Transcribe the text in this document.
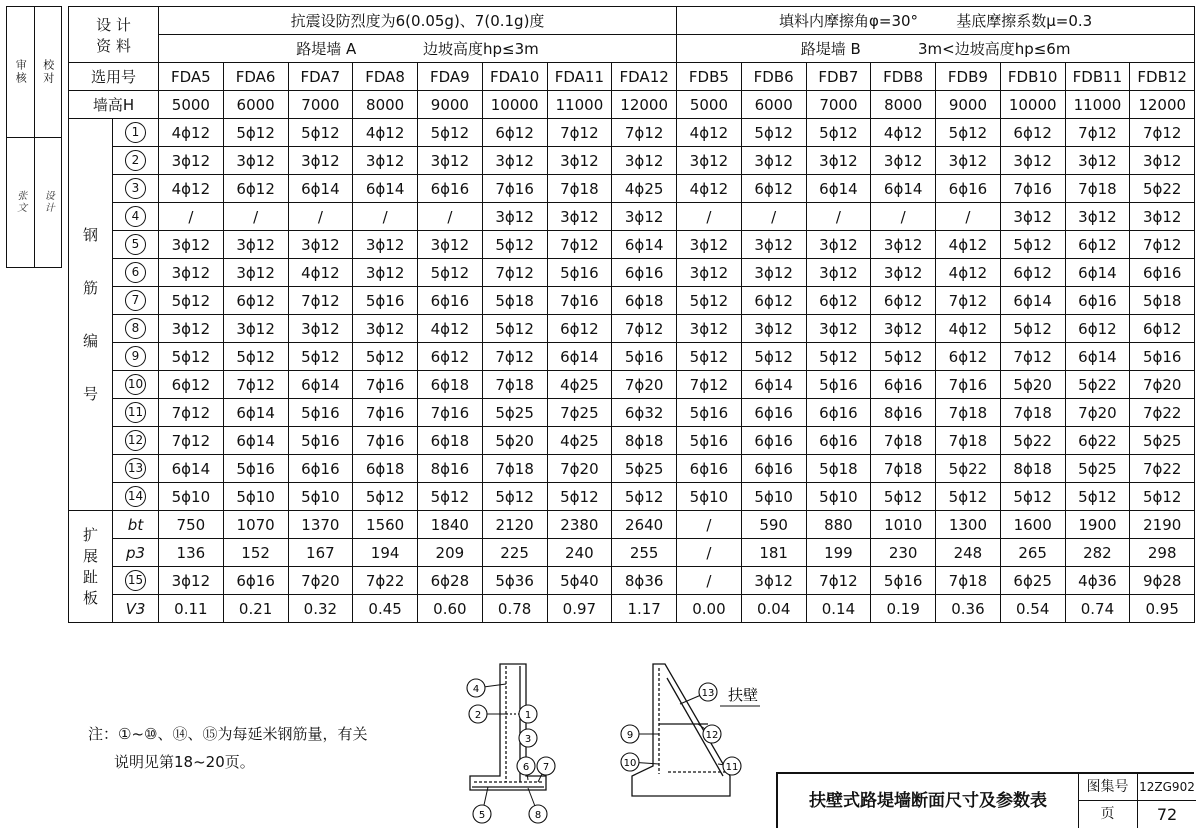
审核
张文
校对
设计
设 计
资 料		抗震设防烈度为6(0.05g)、7(0.1g)度								填料内摩擦角φ=30° 基底摩擦系数μ=0.3							
		路堤墙 A 边坡高度hp≤3m								路堤墙 B 3m<边坡高度hp≤6m							
选用号		FDA5	FDA6	FDA7	FDA8	FDA9	FDA10	FDA11	FDA12	FDB5	FDB6	FDB7	FDB8	FDB9	FDB10	FDB11	FDB12
墙高H		5000	6000	7000	8000	9000	10000	11000	12000	5000	6000	7000	8000	9000	10000	11000	12000

钢
筋
编
号	1	4ϕ12	5ϕ12	5ϕ12	4ϕ12	5ϕ12	6ϕ12	7ϕ12	7ϕ12	4ϕ12	5ϕ12	5ϕ12	4ϕ12	5ϕ12	6ϕ12	7ϕ12	7ϕ12
	2	3ϕ12	3ϕ12	3ϕ12	3ϕ12	3ϕ12	3ϕ12	3ϕ12	3ϕ12	3ϕ12	3ϕ12	3ϕ12	3ϕ12	3ϕ12	3ϕ12	3ϕ12	3ϕ12
	3	4ϕ12	6ϕ12	6ϕ14	6ϕ14	6ϕ16	7ϕ16	7ϕ18	4ϕ25	4ϕ12	6ϕ12	6ϕ14	6ϕ14	6ϕ16	7ϕ16	7ϕ18	5ϕ22
	4	/	/	/	/	/	3ϕ12	3ϕ12	3ϕ12	/	/	/	/	/	3ϕ12	3ϕ12	3ϕ12
	5	3ϕ12	3ϕ12	3ϕ12	3ϕ12	3ϕ12	5ϕ12	7ϕ12	6ϕ14	3ϕ12	3ϕ12	3ϕ12	3ϕ12	4ϕ12	5ϕ12	6ϕ12	7ϕ12
	6	3ϕ12	3ϕ12	4ϕ12	3ϕ12	5ϕ12	7ϕ12	5ϕ16	6ϕ16	3ϕ12	3ϕ12	3ϕ12	3ϕ12	4ϕ12	6ϕ12	6ϕ14	6ϕ16
	7	5ϕ12	6ϕ12	7ϕ12	5ϕ16	6ϕ16	5ϕ18	7ϕ16	6ϕ18	5ϕ12	6ϕ12	6ϕ12	6ϕ12	7ϕ12	6ϕ14	6ϕ16	5ϕ18
	8	3ϕ12	3ϕ12	3ϕ12	3ϕ12	4ϕ12	5ϕ12	6ϕ12	7ϕ12	3ϕ12	3ϕ12	3ϕ12	3ϕ12	4ϕ12	5ϕ12	6ϕ12	6ϕ12
	9	5ϕ12	5ϕ12	5ϕ12	5ϕ12	6ϕ12	7ϕ12	6ϕ14	5ϕ16	5ϕ12	5ϕ12	5ϕ12	5ϕ12	6ϕ12	7ϕ12	6ϕ14	5ϕ16
	10	6ϕ12	7ϕ12	6ϕ14	7ϕ16	6ϕ18	7ϕ18	4ϕ25	7ϕ20	7ϕ12	6ϕ14	5ϕ16	6ϕ16	7ϕ16	5ϕ20	5ϕ22	7ϕ20
	11	7ϕ12	6ϕ14	5ϕ16	7ϕ16	7ϕ16	5ϕ25	7ϕ25	6ϕ32	5ϕ16	6ϕ16	6ϕ16	8ϕ16	7ϕ18	7ϕ18	7ϕ20	7ϕ22
	12	7ϕ12	6ϕ14	5ϕ16	7ϕ16	6ϕ18	5ϕ20	4ϕ25	8ϕ18	5ϕ16	6ϕ16	6ϕ16	7ϕ18	7ϕ18	5ϕ22	6ϕ22	5ϕ25
	13	6ϕ14	5ϕ16	6ϕ16	6ϕ18	8ϕ16	7ϕ18	7ϕ20	5ϕ25	6ϕ16	6ϕ16	5ϕ18	7ϕ18	5ϕ22	8ϕ18	5ϕ25	7ϕ22
	14	5ϕ10	5ϕ10	5ϕ10	5ϕ12	5ϕ12	5ϕ12	5ϕ12	5ϕ12	5ϕ10	5ϕ10	5ϕ10	5ϕ12	5ϕ12	5ϕ12	5ϕ12	5ϕ12

扩
展
趾
板	bt	750	1070	1370	1560	1840	2120	2380	2640	/	590	880	1010	1300	1600	1900	2190
	p3	136	152	167	194	209	225	240	255	/	181	199	230	248	265	282	298
	15	3ϕ12	6ϕ16	7ϕ20	7ϕ22	6ϕ28	5ϕ36	5ϕ40	8ϕ36	/	3ϕ12	7ϕ12	5ϕ16	7ϕ18	6ϕ25	4ϕ36	9ϕ28
	V3	0.11	0.21	0.32	0.45	0.60	0.78	0.97	1.17	0.00	0.04	0.14	0.19	0.36	0.54	0.74	0.95
注：①~⑩、⑭、⑮为每延米钢筋量，有关
说明见第18~20页。
4
2	1
3
6 7
5	8
13
9	12
10	11
扶壁
扶壁式路堤墙断面尺寸及参数表
图集号 12ZG902
页	72
